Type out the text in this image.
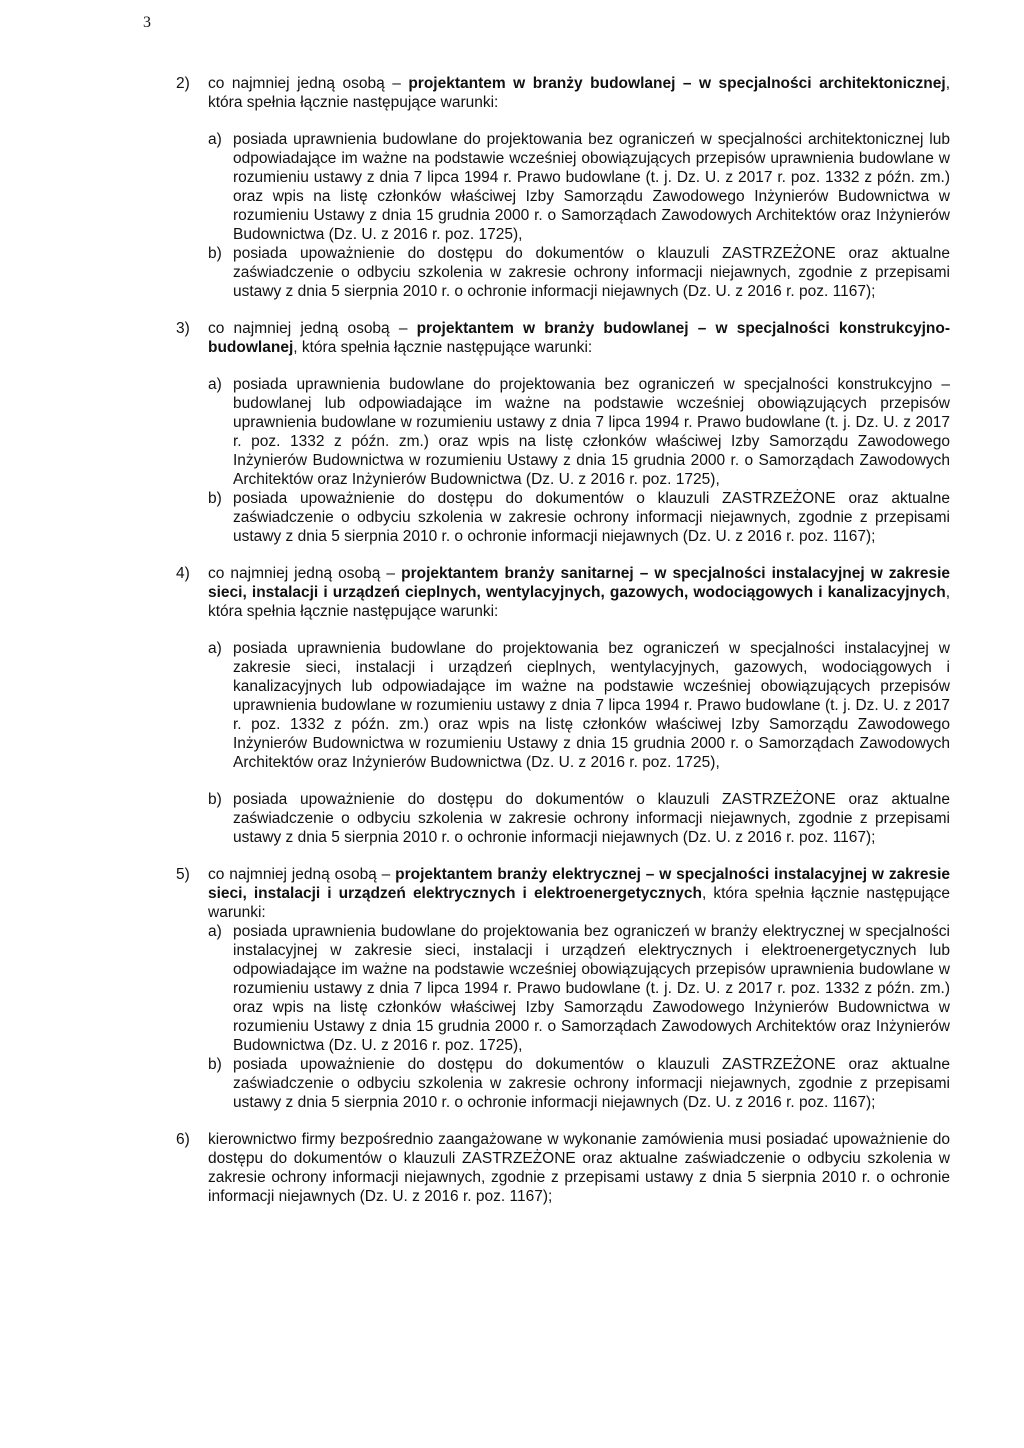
3
2)	co najmniej jedną osobą – projektantem w branży budowlanej – w specjalności architektonicznej, która spełnia łącznie następujące warunki:
a) posiada uprawnienia budowlane do projektowania bez ograniczeń w specjalności architektonicznej lub odpowiadające im ważne na podstawie wcześniej obowiązujących przepisów uprawnienia budowlane w rozumieniu ustawy z dnia 7 lipca 1994 r. Prawo budowlane (t. j. Dz. U. z 2017 r. poz. 1332 z późn. zm.) oraz wpis na listę członków właściwej Izby Samorządu Zawodowego Inżynierów Budownictwa w rozumieniu Ustawy z dnia 15 grudnia 2000 r. o Samorządach Zawodowych Architektów oraz Inżynierów Budownictwa (Dz. U. z 2016 r. poz. 1725),
b) posiada upoważnienie do dostępu do dokumentów o klauzuli ZASTRZEŻONE oraz aktualne zaświadczenie o odbyciu szkolenia w zakresie ochrony informacji niejawnych, zgodnie z przepisami ustawy z dnia 5 sierpnia 2010 r. o ochronie informacji niejawnych (Dz. U. z 2016 r. poz. 1167);
3)	co najmniej jedną osobą – projektantem w branży budowlanej – w specjalności konstrukcyjno-budowlanej, która spełnia łącznie następujące warunki:
a) posiada uprawnienia budowlane do projektowania bez ograniczeń w specjalności konstrukcyjno – budowlanej lub odpowiadające im ważne na podstawie wcześniej obowiązujących przepisów uprawnienia budowlane w rozumieniu ustawy z dnia 7 lipca 1994 r. Prawo budowlane (t. j. Dz. U. z 2017 r. poz. 1332 z późn. zm.) oraz wpis na listę członków właściwej Izby Samorządu Zawodowego Inżynierów Budownictwa w rozumieniu Ustawy z dnia 15 grudnia 2000 r. o Samorządach Zawodowych Architektów oraz Inżynierów Budownictwa (Dz. U. z 2016 r. poz. 1725),
b) posiada upoważnienie do dostępu do dokumentów o klauzuli ZASTRZEŻONE oraz aktualne zaświadczenie o odbyciu szkolenia w zakresie ochrony informacji niejawnych, zgodnie z przepisami ustawy z dnia 5 sierpnia 2010 r. o ochronie informacji niejawnych (Dz. U. z 2016 r. poz. 1167);
4)	co najmniej jedną osobą – projektantem branży sanitarnej – w specjalności instalacyjnej w zakresie sieci, instalacji i urządzeń cieplnych, wentylacyjnych, gazowych, wodociągowych i kanalizacyjnych, która spełnia łącznie następujące warunki:
a) posiada uprawnienia budowlane do projektowania bez ograniczeń w specjalności instalacyjnej w zakresie sieci, instalacji i urządzeń cieplnych, wentylacyjnych, gazowych, wodociągowych i kanalizacyjnych lub odpowiadające im ważne na podstawie wcześniej obowiązujących przepisów uprawnienia budowlane w rozumieniu ustawy z dnia 7 lipca 1994 r. Prawo budowlane (t. j. Dz. U. z 2017 r. poz. 1332 z późn. zm.) oraz wpis na listę członków właściwej Izby Samorządu Zawodowego Inżynierów Budownictwa w rozumieniu Ustawy z dnia 15 grudnia 2000 r. o Samorządach Zawodowych Architektów oraz Inżynierów Budownictwa (Dz. U. z 2016 r. poz. 1725),
b) posiada upoważnienie do dostępu do dokumentów o klauzuli ZASTRZEŻONE oraz aktualne zaświadczenie o odbyciu szkolenia w zakresie ochrony informacji niejawnych, zgodnie z przepisami ustawy z dnia 5 sierpnia 2010 r. o ochronie informacji niejawnych (Dz. U. z 2016 r. poz. 1167);
5)	co najmniej jedną osobą – projektantem branży elektrycznej – w specjalności instalacyjnej w zakresie sieci, instalacji i urządzeń elektrycznych i elektroenergetycznych, która spełnia łącznie następujące warunki:
a) posiada uprawnienia budowlane do projektowania bez ograniczeń w branży elektrycznej w specjalności instalacyjnej w zakresie sieci, instalacji i urządzeń elektrycznych i elektroenergetycznych lub odpowiadające im ważne na podstawie wcześniej obowiązujących przepisów uprawnienia budowlane w rozumieniu ustawy z dnia 7 lipca 1994 r. Prawo budowlane (t. j. Dz. U. z 2017 r. poz. 1332 z późn. zm.) oraz wpis na listę członków właściwej Izby Samorządu Zawodowego Inżynierów Budownictwa w rozumieniu Ustawy z dnia 15 grudnia 2000 r. o Samorządach Zawodowych Architektów oraz Inżynierów Budownictwa (Dz. U. z 2016 r. poz. 1725),
b) posiada upoważnienie do dostępu do dokumentów o klauzuli ZASTRZEŻONE oraz aktualne zaświadczenie o odbyciu szkolenia w zakresie ochrony informacji niejawnych, zgodnie z przepisami ustawy z dnia 5 sierpnia 2010 r. o ochronie informacji niejawnych (Dz. U. z 2016 r. poz. 1167);
6)	kierownictwo firmy bezpośrednio zaangażowane w wykonanie zamówienia musi posiadać upoważnienie do dostępu do dokumentów o klauzuli ZASTRZEŻONE oraz aktualne zaświadczenie o odbyciu szkolenia w zakresie ochrony informacji niejawnych, zgodnie z przepisami ustawy z dnia 5 sierpnia 2010 r. o ochronie informacji niejawnych (Dz. U. z 2016 r. poz. 1167);
